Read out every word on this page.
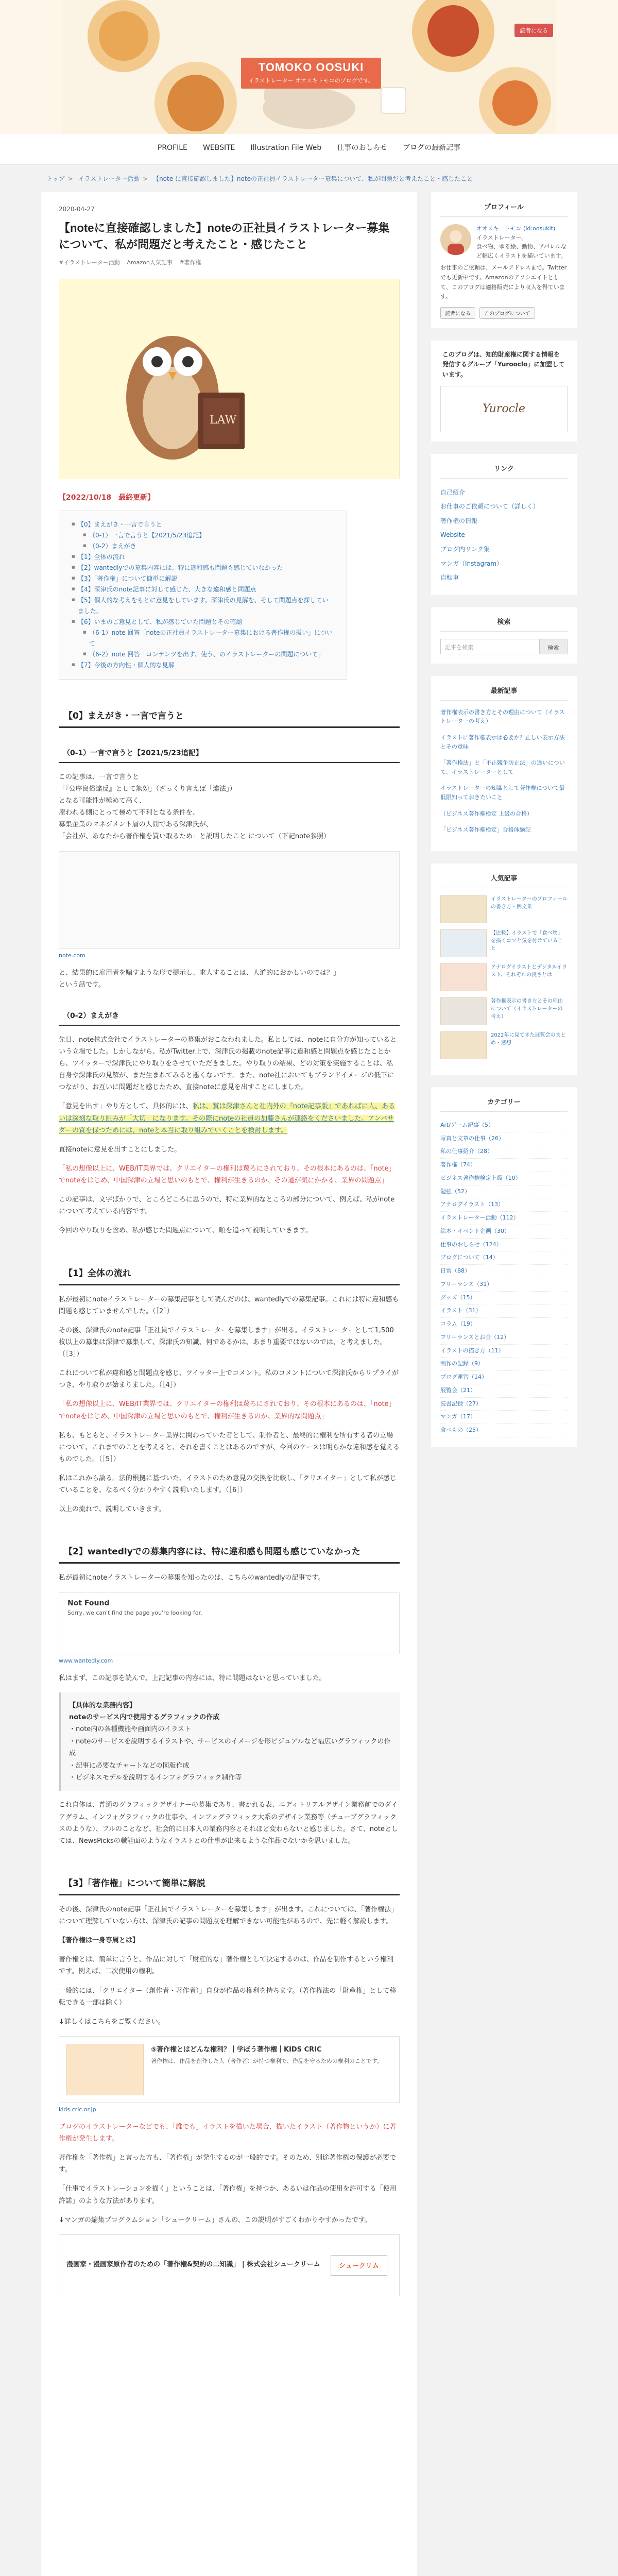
TOMOKO OOSUKI
イラストレーター オオスキトモコのブログです。
読者になる
PROFILE WEBSITE Illustration File Web 仕事のおしらせ ブログの最新記事
トップ > イラストレーター活動 > 【note に直接確認しました】noteの正社員イラストレーター募集について、私が問題だと考えたこと・感じたこと
2020-04-27
【noteに直接確認しました】noteの正社員イラストレーター募集について、私が問題だと考えたこと・感じたこと
#イラストレーター活動 Amazon人気記事 #著作権
LAW
【2022/10/18　最終更新】
■ 【0】まえがき・一言で言うと
■ （0-1）一言で言うと【2021/5/23追記】
■ （0-2）まえがき
■ 【1】全体の流れ
■ 【2】wantedlyでの募集内容には、特に違和感も問題も感じていなかった
■ 【3】「著作権」について簡単に解説
■ 【4】深津氏のnote記事に対して感じた、大きな違和感と問題点
■ 【5】個人的な考えをもとに意見をしています。深津氏の見解を、そして問題点を探していました。
■ 【6】いまのご意見として、私が感じていた問題とその確認
■ （6-1）note 回答「noteの正社員イラストレーター募集における著作権の扱い」について
■ （6-2）note 回答「コンテンツを出す、使う、のイラストレーターの問題について」
■ 【7】今後の方向性・個人的な見解
【0】まえがき・一言で言うと
（0-1）一言で言うと【2021/5/23追記】

この記事は、一言で言うと
「『公序良俗違反』として無効」（ざっくり言えば「違法」）
となる可能性が極めて高く、
雇われる側にとって極めて不利となる条件を、
募集企業のマネジメント層の人間である深津氏が、
「会社が、あなたから著作権を買い取るため」と説明したこと について（下記note参照）

note.com

と、結果的に雇用者を騙すような形で提示し、求人することは、人道的におかしいのでは？」
という話です。

（0-2）まえがき

先日、note株式会社でイラストレーターの募集がおこなわれました。私としては、noteに自分方が知っているという立場でした。しかしながら、私がTwitter上で、深津氏の掲載のnote記事に違和感と問題点を感じたことから、ツイッターで深津氏にやり取りをさせていただきました。やり取りの結果、どの対策を実施することは、私自身や深津氏の見解が、まだ生まれてみると悪くないです。また、note社においてもブランドイメージの低下につながり、お互いに問題だと感じたため、直接noteに意見を出すことにしました。

「意見を出す」やり方として、具体的には、私は、賞は深津さんと社内外の『note記事版』であればに人、あるいは深刻な取り組みが「大切」になります。その際にnoteの社員の加藤さんが連絡をくださいました。アンバサダーの質を保つためには、noteと本当に取り組みでいくことを検討します。

直接noteに意見を出すことにしました。

「私の想像以上に、WEB/IT業界では、クリエイターの権利は蔑ろにされており、その根本にあるのは、「note」でnoteをはじめ、中国深津の立場と思いのもとで、権利が生きるのか、その道が気にかかる、業界の問題点」

この記事は、文字ばかりで、ところどころに思うので、特に業界的なところの部分について、例えば、私がnoteについて考えている内容です。

今回のやり取りを含め、私が感じた問題点について、順を追って説明していきます。

【1】全体の流れ

私が最初にnoteイラストレーターの募集記事として読んだのは、wantedlyでの募集記事。これには特に違和感も問題も感じていませんでした。（［2］）

その後、深津氏のnote記事「正社員でイラストレーターを募集します」が出る。イラストレーターとして1,500枚以上の募集は深津で募集して、深津氏の知識、何であるかは、あまり重要ではないのでは、と考えました。（［3］）

これについて私が違和感と問題点を感じ、ツイッター上でコメント。私のコメントについて深津氏からリプライがつき、やり取りが始まりました。（［4］）

「私の想像以上に、WEB/IT業界では、クリエイターの権利は蔑ろにされており、その根本にあるのは、「note」でnoteをはじめ、中国深津の立場と思いのもとで、権利が生きるのか、業界的な問題点」

私も、もともと、イラストレーター業界に関わっていた者として、制作者と、最終的に権利を所有する者の立場について、これまでのことを考えると、それを書くことはあるのですが、今回のケースは明らかな違和感を覚えるものでした。（［5］）

私はこれから論る。法的根拠に基づいた、イラストのため意見の交換を比較し、「クリエイター」として私が感じていることを、なるべく分かりやすく説明いたします。（［6］）

以上の流れで、説明していきます。

【2】wantedlyでの募集内容には、特に違和感も問題も感じていなかった

私が最初にnoteイラストレーターの募集を知ったのは、こちらのwantedlyの記事です。

Not Found
Sorry, we can't find the page you're looking for.
www.wantedly.com

私はまず、この記事を読んで、上記記事の内容には、特に問題はないと思っていました。

【具体的な業務内容】
noteのサービス内で使用するグラフィックの作成
・note内の各種機能や画面内のイラスト
・noteのサービスを説明するイラストや、サービスのイメージを形ビジュアルなど幅広いグラフィックの作成
・記事に必要なチャートなどの図版作成
・ビジネスモデルを説明するインフォグラフィック制作等

これ自体は、普通のグラフィックデザイナーの募集であり、書かれる表、エディトリアルデザイン業務前でのダイアグラム、インフォグラフィックの仕事や、インフォグラフィック大系のデザイン業務等（チューブグラフィックスのような）、フルのことなど、社会的に日本人の業務内容とそれほど変わらないと感じました。さて、noteとしては、NewsPicksの職能面のようなイラストとの仕事が出来るような作品でないかを思いました。

【3】「著作権」について簡単に解説

その後、深津氏のnote記事「正社員でイラストレーターを募集します」が出ます。これについては、「著作権法」について理解していない方は、深津氏の記事の問題点を理解できない可能性があるので、先に軽く解説します。

【著作権は一身専属とは】

著作権とは、簡単に言うと、作品に対して「財産的な」著作権として決定するのは、作品を制作するという権利です。例えば、二次使用の権利。

一般的には、「クリエイター（創作者・著作者）」自身が作品の権利を持ちます。（著作権法の「財産権」として移転できる一部は除く）

↓詳しくはこちらをご覧ください。

⑤著作権とはどんな権利？｜学ぼう著作権｜KIDS CRIC
著作権は、作品を創作した人（著作者）が持つ権利で、作品を守るための権利のことです。
kids.cric.or.jp

ブログのイラストレーターなどでも、「誰でも」イラストを描いた場合、描いたイラスト（著作物というか）に著作権が発生します。

著作権を「著作権」と言った方も、「著作権」が発生するのが一般的です。そのため、別途著作権の保護が必要です。

「仕事でイラストレーションを描く」ということは、「著作権」を持つか、あるいは作品の使用を許可する「使用許諾」のような方法があります。

↓マンガの編集プログラムション「シュークリーム」さんの、この説明がすごくわかりやすかったです。

漫画家・漫画家原作者のための「著作権&契約の二知識」 | 株式会社シュークリーム	シュークリム
プロフィール
オオスキ　トモコ (id:oosukit)
イラストレーター。
食べ物、ゆる絵、動物、アパレルなど幅広くイラストを描いています。
お仕事のご依頼は、メールアドレスまで。Twitterでも更新中です。Amazonのアソシエイトとして、このブログは適格販売により収入を得ています。
読者になる	このブログについて
このブログは、知的財産権に関する情報を発信するグループ「Yurooclo」に加盟しています。
Yurocle
リンク
自己紹介
お仕事のご依頼について（詳しく）
著作権の情報
Website
ブログ内リンク集
マンガ（Instagram）
自転車
検索
記事を検索	検索
最新記事
著作権表示の書き方とその理由について（イラストレーターの考え）
イラストに著作権表示は必要か？正しい表示方法とその意味
「著作権法」と「不正競争防止法」の違いについて、イラストレーターとして
イラストレーターの知識として著作権について最低限知っておきたいこと
（ビジネス著作権検定 上級の合格）
「ビジネス著作権検定」合格体験記
人気記事
イラストレーターのプロフィールの書き方・例文集
【比較】イラストで「食べ物」を描くコツと気を付けていること
アナログイラストとデジタルイラスト、それぞれの良さとは
著作権表示の書き方とその理由について（イラストレーターの考え）
2022年に見てきた展覧会のまとめ・感想
カテゴリー
Art/ゲーム記事（5）
写真と文章の仕事（26）
私の仕事紹介（28）
著作権（74）
ビジネス著作権検定上級（10）
勉強（52）
アナログイラスト（13）
イラストレーター活動（112）
絵本・イベント企画（30）
仕事のおしらせ（124）
ブログについて（14）
日常（88）
フリーランス（31）
グッズ（15）
イラスト（31）
コラム（19）
フリーランスとお金（12）
イラストの描き方（11）
制作の記録（9）
ブログ運営（14）
展覧会（21）
読書記録（27）
マンガ（17）
食べもの（25）
